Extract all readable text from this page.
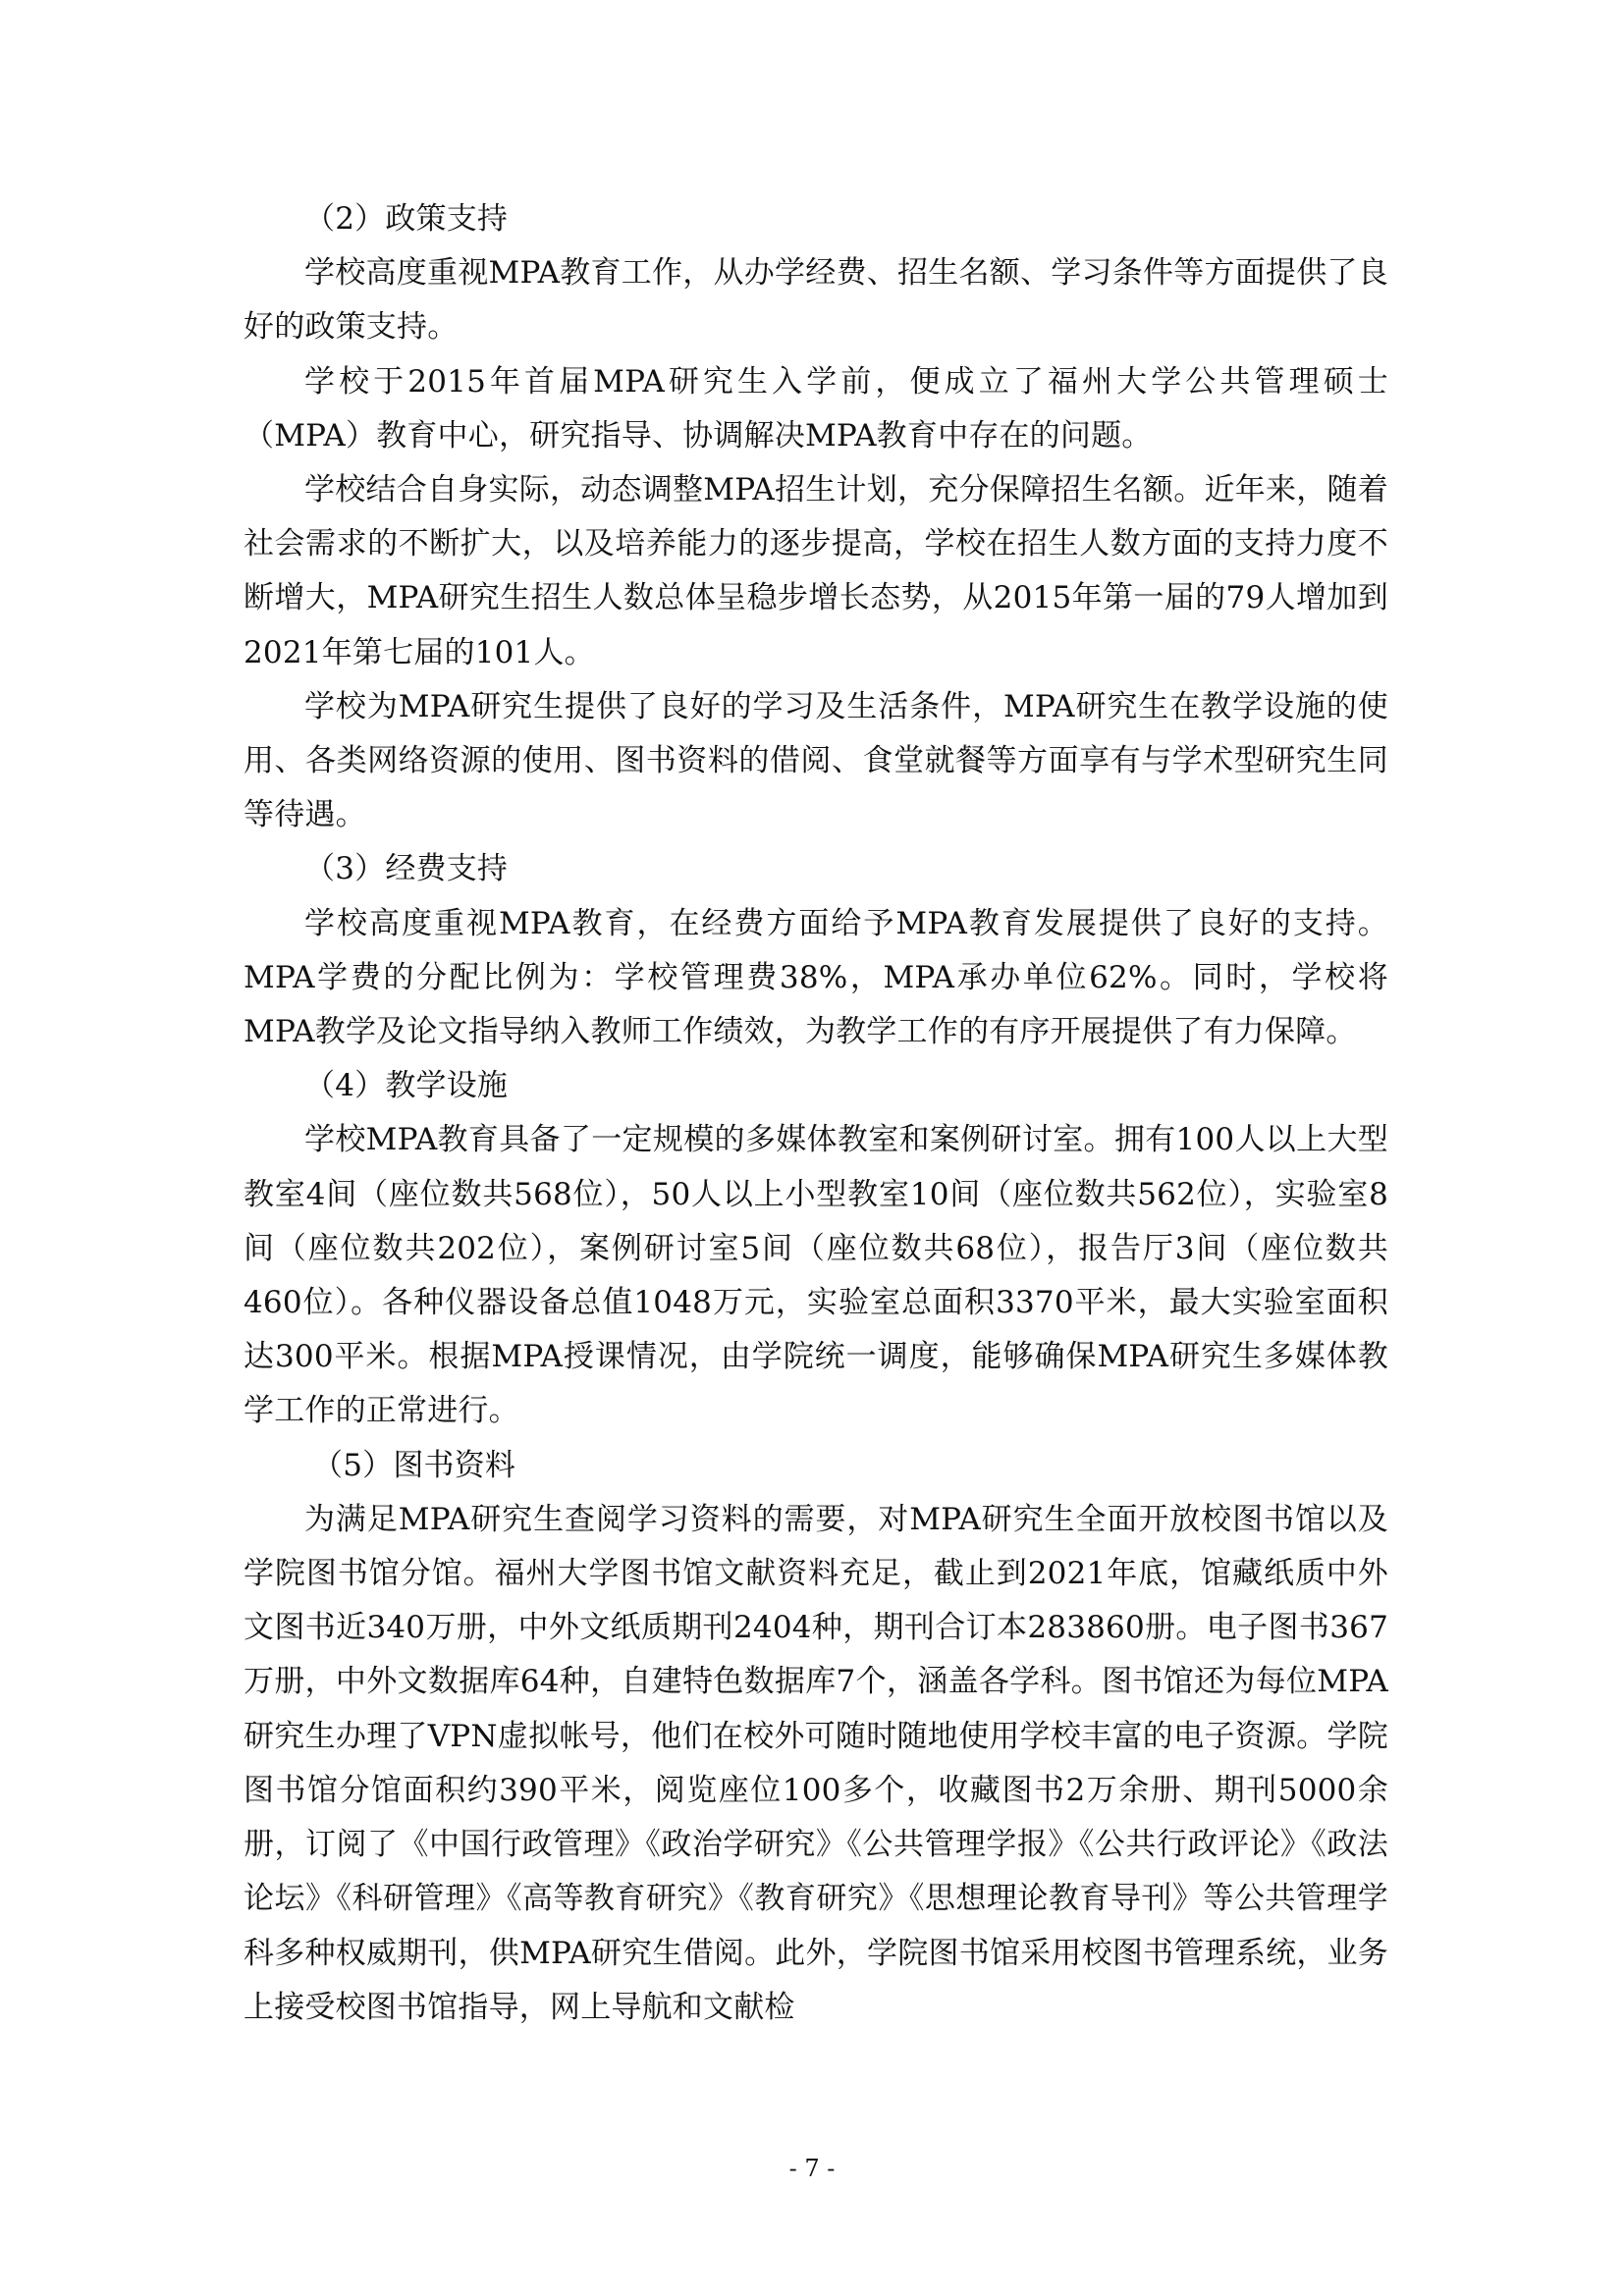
（2）政策支持

学校高度重视MPA教育工作，从办学经费、招生名额、学习条件等方面提供了良好的政策支持。

学校于2015年首届MPA研究生入学前，便成立了福州大学公共管理硕士（MPA）教育中心，研究指导、协调解决MPA教育中存在的问题。

学校结合自身实际，动态调整MPA招生计划，充分保障招生名额。近年来，随着社会需求的不断扩大，以及培养能力的逐步提高，学校在招生人数方面的支持力度不断增大，MPA研究生招生人数总体呈稳步增长态势，从2015年第一届的79人增加到2021年第七届的101人。

学校为MPA研究生提供了良好的学习及生活条件，MPA研究生在教学设施的使用、各类网络资源的使用、图书资料的借阅、食堂就餐等方面享有与学术型研究生同等待遇。

（3）经费支持

学校高度重视MPA教育，在经费方面给予MPA教育发展提供了良好的支持。MPA学费的分配比例为：学校管理费38%，MPA承办单位62%。同时，学校将MPA教学及论文指导纳入教师工作绩效，为教学工作的有序开展提供了有力保障。

（4）教学设施

学校MPA教育具备了一定规模的多媒体教室和案例研讨室。拥有100人以上大型教室4间（座位数共568位），50人以上小型教室10间（座位数共562位），实验室8间（座位数共202位），案例研讨室5间（座位数共68位），报告厅3间（座位数共460位）。各种仪器设备总值1048万元，实验室总面积3370平米，最大实验室面积达300平米。根据MPA授课情况，由学院统一调度，能够确保MPA研究生多媒体教学工作的正常进行。

（5）图书资料

为满足MPA研究生查阅学习资料的需要，对MPA研究生全面开放校图书馆以及学院图书馆分馆。福州大学图书馆文献资料充足，截止到2021年底，馆藏纸质中外文图书近340万册，中外文纸质期刊2404种，期刊合订本283860册。电子图书367万册，中外文数据库64种，自建特色数据库7个，涵盖各学科。图书馆还为每位MPA研究生办理了VPN虚拟帐号，他们在校外可随时随地使用学校丰富的电子资源。学院图书馆分馆面积约390平米，阅览座位100多个，收藏图书2万余册、期刊5000余册，订阅了《中国行政管理》《政治学研究》《公共管理学报》《公共行政评论》《政法论坛》《科研管理》《高等教育研究》《教育研究》《思想理论教育导刊》等公共管理学科多种权威期刊，供MPA研究生借阅。此外，学院图书馆采用校图书管理系统，业务上接受校图书馆指导，网上导航和文献检

- 7 -
